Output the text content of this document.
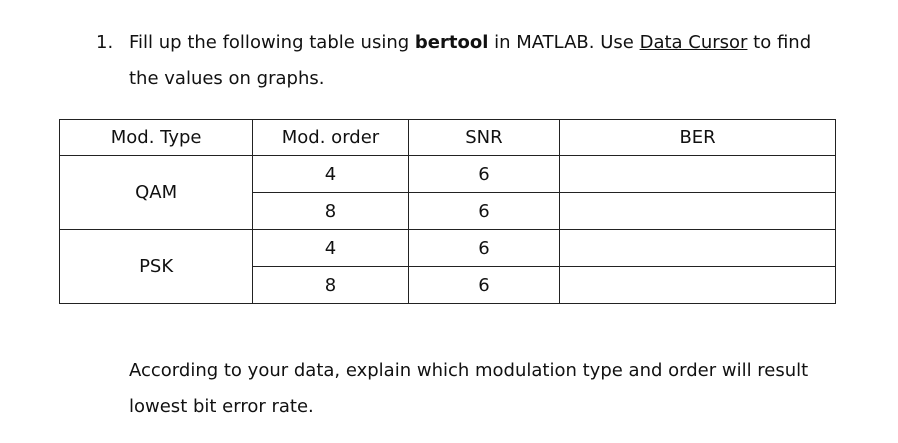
1. Fill up the following table using bertool in MATLAB. Use Data Cursor to find
the values on graphs.
Mod. Type	Mod. order	SNR	BER
QAM	4	6	
	8	6	
PSK	4	6	
	8	6	
According to your data, explain which modulation type and order will result
lowest bit error rate.
